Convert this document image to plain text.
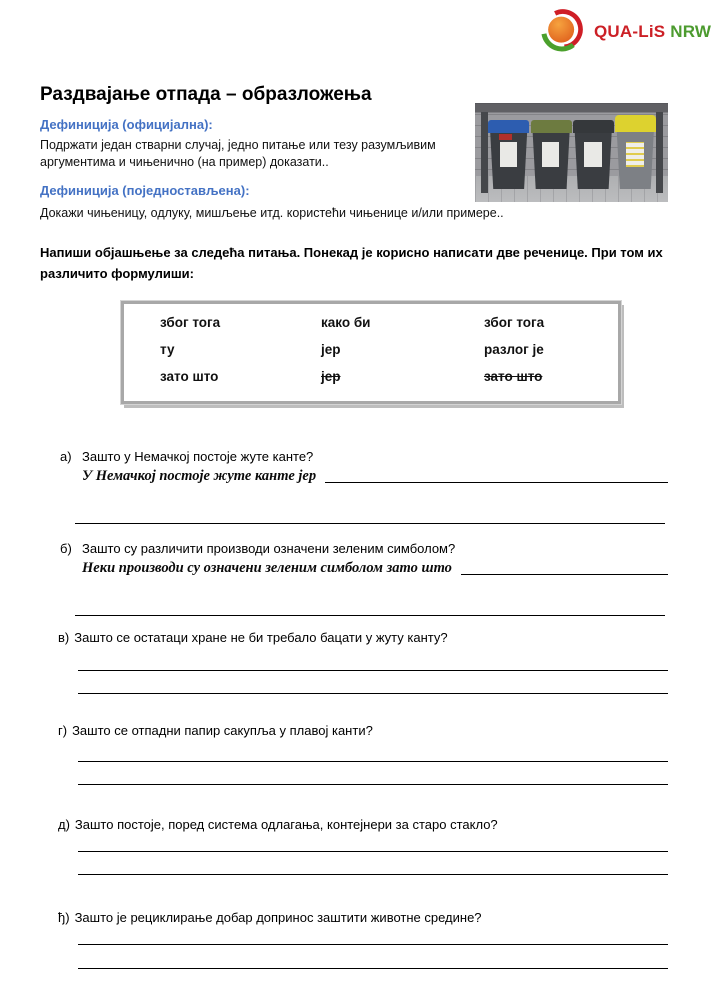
QUA-LiS NRW
Раздвајање отпада – образложења
Дефиниција (официјална):

Подржати један стварни случај, једно питање или тезу разумљивим аргументима и чињенично (на пример) доказати..

Дефиниција (поједностављена):

Докажи чињеницу, одлуку, мишљење итд. користећи чињенице и/или примере..

Напиши објашњење за следећа питања. Понекад је корисно написати две реченице. При том их различито формулиши:

због тога	како би	због тога
ту	јер	разлог је
зато што	јер	зато што
а) Зашто у Немачкој постоје жуте канте?
У Немачкој постоје жуте канте јер
б) Зашто су различити производи означени зеленим симболом?
Неки производи су означени зеленим симболом зато што
в) Зашто се остатаци хране не би требало бацати у жуту канту?
г) Зашто се отпадни папир сакупља у плавој канти?
д) Зашто постоје, поред система одлагања, контејнери за старо стакло?
ђ) Зашто је рециклирање добар допринос заштити животне средине?
